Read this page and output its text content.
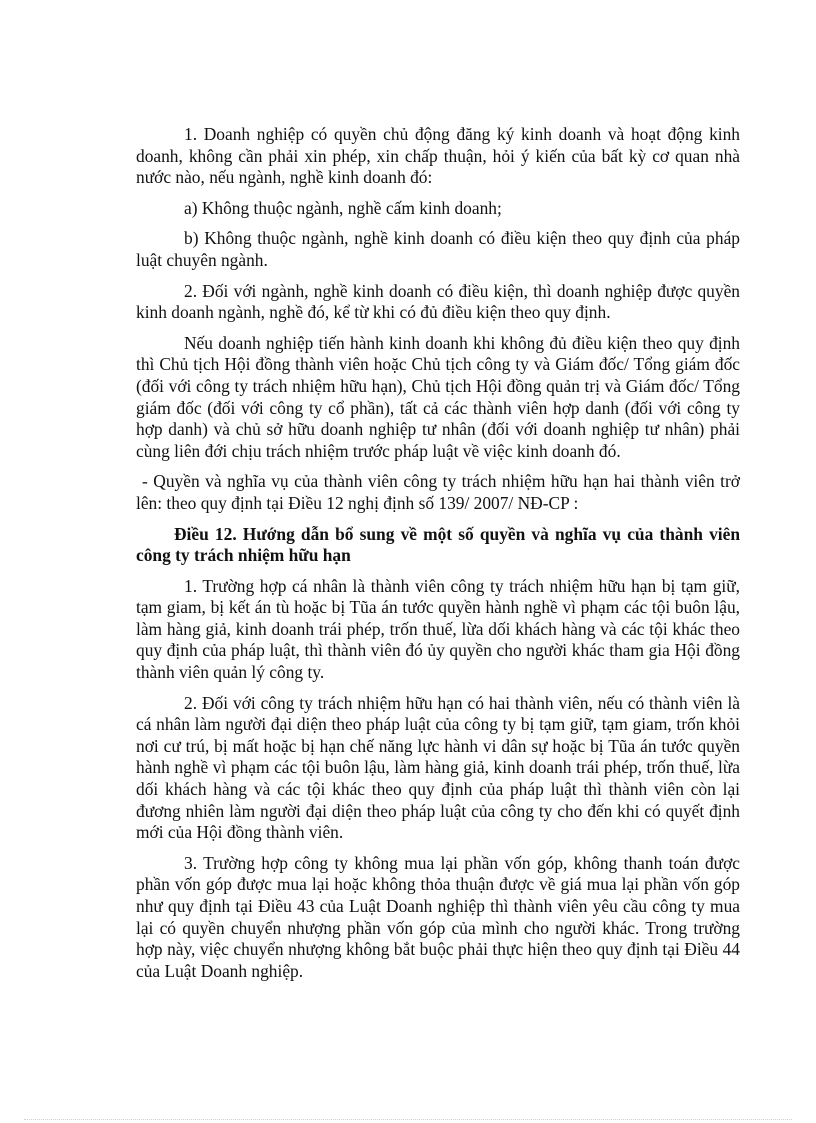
1. Doanh nghiệp có quyền chủ động đăng ký kinh doanh và hoạt động kinh doanh, không cần phải xin phép, xin chấp thuận, hỏi ý kiến của bất kỳ cơ quan nhà nước nào, nếu ngành, nghề kinh doanh đó:

a) Không thuộc ngành, nghề cấm kinh doanh;

b) Không thuộc ngành, nghề kinh doanh có điều kiện theo quy định của pháp luật chuyên ngành.

2. Đối với ngành, nghề kinh doanh có điều kiện, thì doanh nghiệp được quyền kinh doanh ngành, nghề đó, kể từ khi có đủ điều kiện theo quy định.

Nếu doanh nghiệp tiến hành kinh doanh khi không đủ điều kiện theo quy định thì Chủ tịch Hội đồng thành viên hoặc Chủ tịch công ty và Giám đốc/ Tổng giám đốc (đối với công ty trách nhiệm hữu hạn), Chủ tịch Hội đồng quản trị và Giám đốc/ Tổng giám đốc (đối với công ty cổ phần), tất cả các thành viên hợp danh (đối với công ty hợp danh) và chủ sở hữu doanh nghiệp tư nhân (đối với doanh nghiệp tư nhân) phải cùng liên đới chịu trách nhiệm trước pháp luật về việc kinh doanh đó.

- Quyền và nghĩa vụ của thành viên công ty trách nhiệm hữu hạn hai thành viên trở lên: theo quy định tại Điều 12 nghị định số 139/ 2007/ NĐ-CP :

Điều 12. Hướng dẫn bổ sung về một số quyền và nghĩa vụ của thành viên công ty trách nhiệm hữu hạn

1. Trường hợp cá nhân là thành viên công ty trách nhiệm hữu hạn bị tạm giữ, tạm giam, bị kết án tù hoặc bị Tũa án tước quyền hành nghề vì phạm các tội buôn lậu, làm hàng giả, kinh doanh trái phép, trốn thuế, lừa dối khách hàng và các tội khác theo quy định của pháp luật, thì thành viên đó ủy quyền cho người khác tham gia Hội đồng thành viên quản lý công ty.

2. Đối với công ty trách nhiệm hữu hạn có hai thành viên, nếu có thành viên là cá nhân làm người đại diện theo pháp luật của công ty bị tạm giữ, tạm giam, trốn khỏi nơi cư trú, bị mất hoặc bị hạn chế năng lực hành vi dân sự hoặc bị Tũa án tước quyền hành nghề vì phạm các tội buôn lậu, làm hàng giả, kinh doanh trái phép, trốn thuế, lừa dối khách hàng và các tội khác theo quy định của pháp luật thì thành viên còn lại đương nhiên làm người đại diện theo pháp luật của công ty cho đến khi có quyết định mới của Hội đồng thành viên.

3. Trường hợp công ty không mua lại phần vốn góp, không thanh toán được phần vốn góp được mua lại hoặc không thỏa thuận được về giá mua lại phần vốn góp như quy định tại Điều 43 của Luật Doanh nghiệp thì thành viên yêu cầu công ty mua lại có quyền chuyển nhượng phần vốn góp của mình cho người khác. Trong trường hợp này, việc chuyển nhượng không bắt buộc phải thực hiện theo quy định tại Điều 44 của Luật Doanh nghiệp.
